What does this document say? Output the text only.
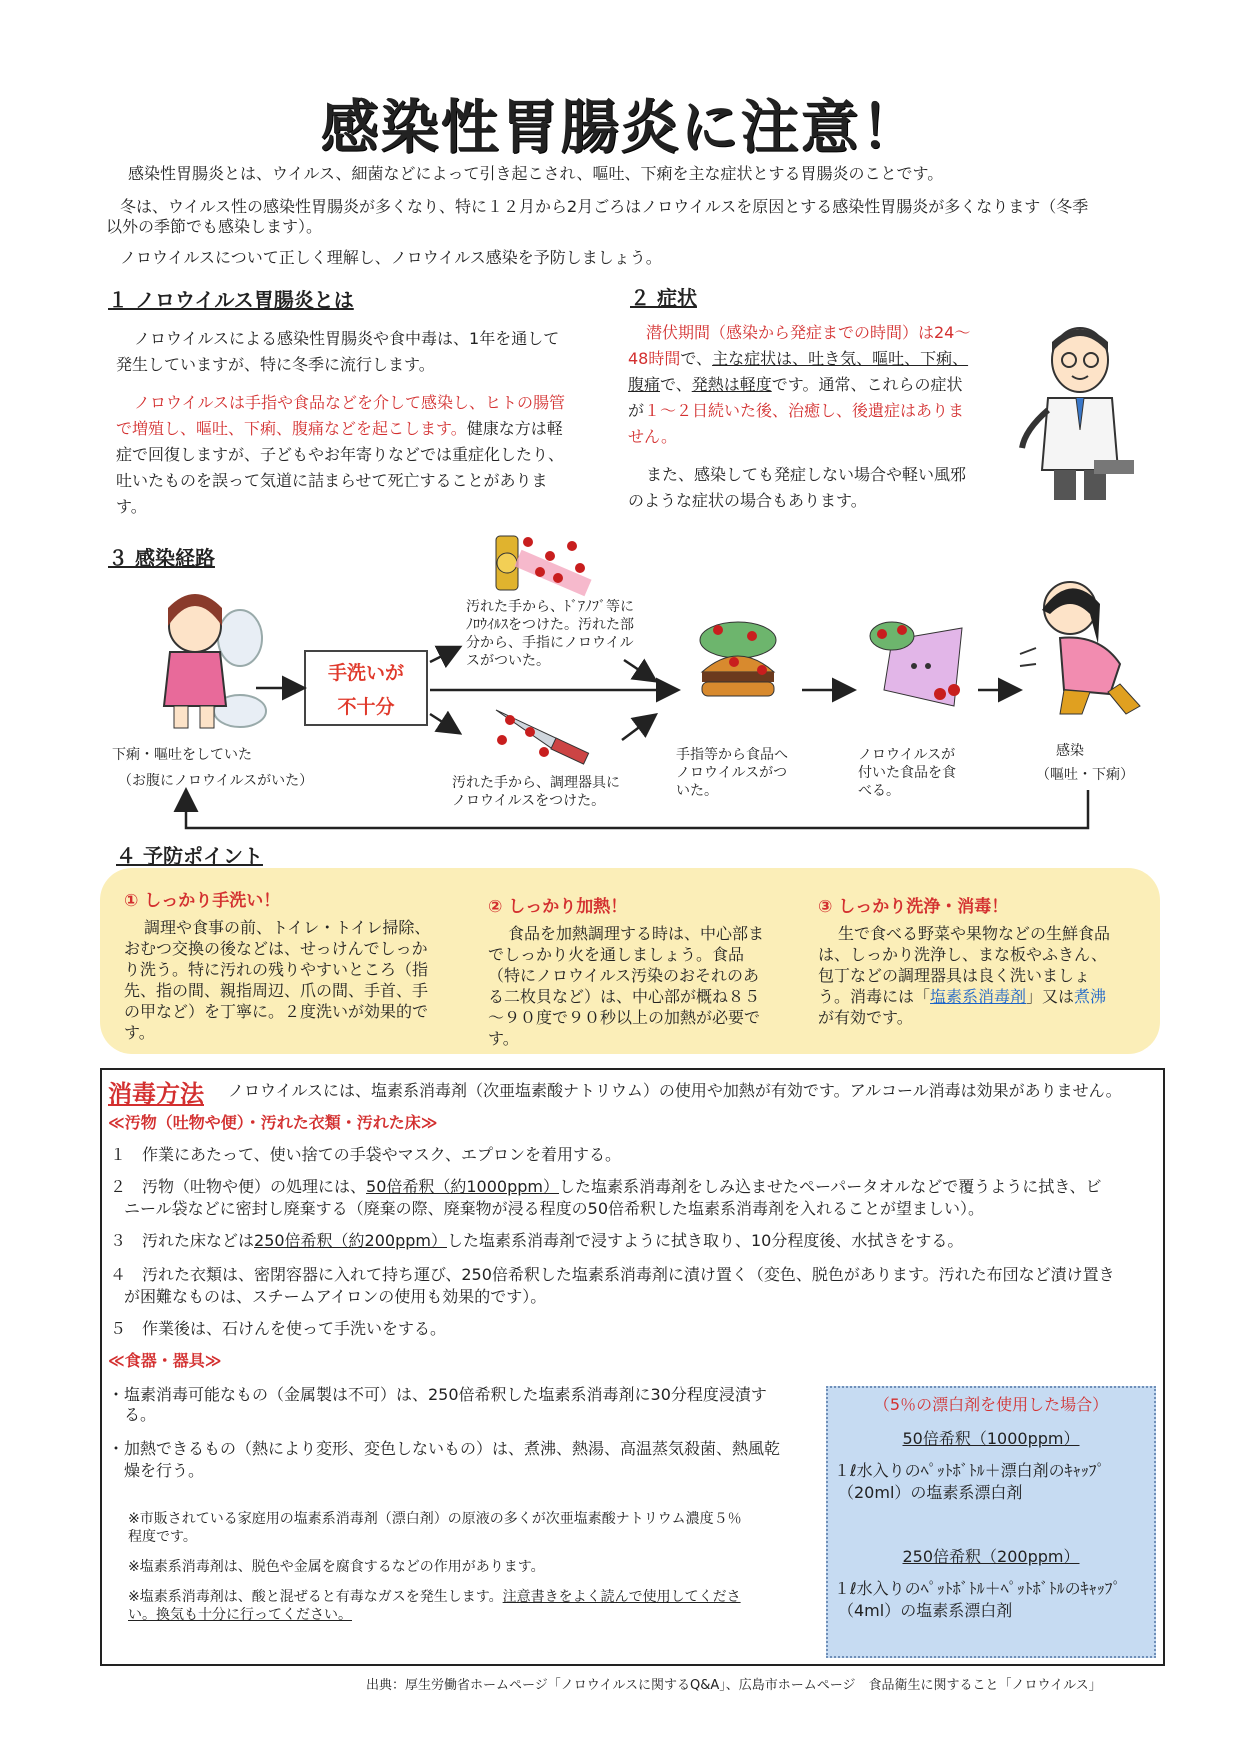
感染性胃腸炎に注意！
感染性胃腸炎とは、ウイルス、細菌などによって引き起こされ、嘔吐、下痢を主な症状とする胃腸炎のことです。
冬は、ウイルス性の感染性胃腸炎が多くなり、特に１２月から2月ごろはノロウイルスを原因とする感染性胃腸炎が多くなります（冬季
以外の季節でも感染します）。
ノロウイルスについて正しく理解し、ノロウイルス感染を予防しましょう。
１ ノロウイルス胃腸炎とは
ノロウイルスによる感染性胃腸炎や食中毒は、1年を通して
発生していますが、特に冬季に流行します。
ノロウイルスは手指や食品などを介して感染し、ヒトの腸管
で増殖し、嘔吐、下痢、腹痛などを起こします。健康な方は軽
症で回復しますが、子どもやお年寄りなどでは重症化したり、
吐いたものを誤って気道に詰まらせて死亡することがありま
す。
２ 症状
潜伏期間（感染から発症までの時間）は24～
48時間で、主な症状は、吐き気、嘔吐、下痢、
腹痛で、発熱は軽度です。通常、これらの症状
が１～２日続いた後、治癒し、後遺症はありま
せん。
また、感染しても発症しない場合や軽い風邪
のような症状の場合もあります。
３ 感染経路
下痢・嘔吐をしていた
（お腹にノロウイルスがいた）
手洗いが
不十分
汚れた手から、ﾄﾞｱﾉﾌﾞ等に
ﾉﾛｳｲﾙｽをつけた。汚れた部
分から、手指にノロウイル
スがついた。
汚れた手から、調理器具に
ノロウイルスをつけた。
手指等から食品へ
ノロウイルスがつ
いた。
ノロウイルスが
付いた食品を食
べる。
感染
（嘔吐・下痢）
４ 予防ポイント
① しっかり手洗い！
調理や食事の前、トイレ・トイレ掃除、
おむつ交換の後などは、せっけんでしっか
り洗う。特に汚れの残りやすいところ（指
先、指の間、親指周辺、爪の間、手首、手
の甲など）を丁寧に。２度洗いが効果的で
す。
② しっかり加熱！
食品を加熱調理する時は、中心部ま
でしっかり火を通しましょう。食品
（特にノロウイルス汚染のおそれのあ
る二枚貝など）は、中心部が概ね８５
～９０度で９０秒以上の加熱が必要で
す。
③ しっかり洗浄・消毒！
生で食べる野菜や果物などの生鮮食品
は、しっかり洗浄し、まな板やふきん、
包丁などの調理器具は良く洗いましょ
う。消毒には「塩素系消毒剤」又は煮沸
が有効です。
消毒方法 ノロウイルスには、塩素系消毒剤（次亜塩素酸ナトリウム）の使用や加熱が有効です。アルコール消毒は効果がありません。
≪汚物（吐物や便）・汚れた衣類・汚れた床≫
１　作業にあたって、使い捨ての手袋やマスク、エプロンを着用する。
２　汚物（吐物や便）の処理には、50倍希釈（約1000ppm）した塩素系消毒剤をしみ込ませたペーパータオルなどで覆うように拭き、ビ
ニール袋などに密封し廃棄する（廃棄の際、廃棄物が浸る程度の50倍希釈した塩素系消毒剤を入れることが望ましい）。
３　汚れた床などは250倍希釈（約200ppm）した塩素系消毒剤で浸すように拭き取り、10分程度後、水拭きをする。
４　汚れた衣類は、密閉容器に入れて持ち運び、250倍希釈した塩素系消毒剤に漬け置く（変色、脱色があります。汚れた布団など漬け置き
が困難なものは、スチームアイロンの使用も効果的です）。
５　作業後は、石けんを使って手洗いをする。
≪食器・器具≫
・塩素消毒可能なもの（金属製は不可）は、250倍希釈した塩素系消毒剤に30分程度浸漬す
る。
・加熱できるもの（熱により変形、変色しないもの）は、煮沸、熱湯、高温蒸気殺菌、熱風乾
燥を行う。
※市販されている家庭用の塩素系消毒剤（漂白剤）の原液の多くが次亜塩素酸ナトリウム濃度５％
程度です。
※塩素系消毒剤は、脱色や金属を腐食するなどの作用があります。
※塩素系消毒剤は、酸と混ぜると有毒なガスを発生します。注意書きをよく読んで使用してくださ
い。換気も十分に行ってください。
（5％の漂白剤を使用した場合）
50倍希釈（1000ppm）
１ℓ水入りのﾍﾟｯﾄﾎﾞﾄﾙ＋漂白剤のｷｬｯﾌﾟ
（20ml）の塩素系漂白剤
250倍希釈（200ppm）
１ℓ水入りのﾍﾟｯﾄﾎﾞﾄﾙ＋ﾍﾟｯﾄﾎﾞﾄﾙのｷｬｯﾌﾟ
（4ml）の塩素系漂白剤
出典：厚生労働省ホームページ「ノロウイルスに関するQ&A」、広島市ホームページ　食品衛生に関すること「ノロウイルス」
